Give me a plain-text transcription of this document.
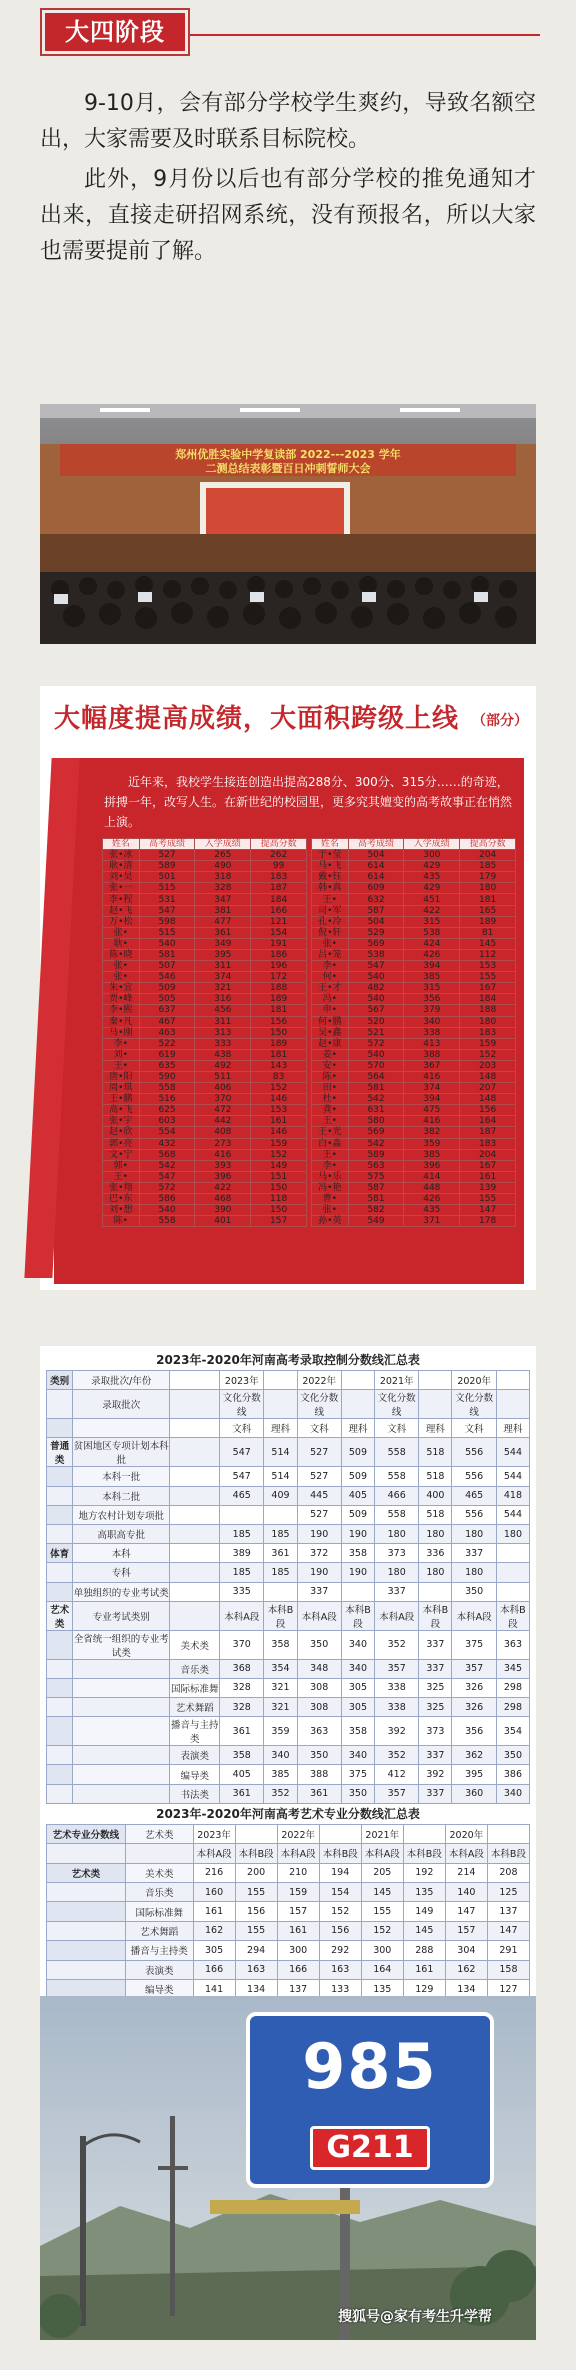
大四阶段

9-10月，会有部分学校学生爽约，导致名额空出，大家需要及时联系目标院校。

此外，9月份以后也有部分学校的推免通知才出来，直接走研招网系统，没有预报名，所以大家也需要提前了解。

郑州优胜实验中学复读部 2022---2023 学年
二测总结表彰暨百日冲刺誓师大会
大幅度提高成绩，大面积跨级上线 （部分）
近年来，我校学生接连创造出提高288分、300分、315分……的奇迹，拼搏一年，改写人生。在新世纪的校园里，更多究其嬗变的高考故事正在悄然上演。
姓名	高考成绩	入学成绩	提高分数
张•冰	527	265	262
耿•清	589	490	99
刘•昊	501	318	183
张•一	515	328	187
李•程	531	347	184
赵•飞	547	381	166
万•松	598	477	121
张•	515	361	154
耿•	540	349	191
陈•晓	581	395	186
张•	507	311	196
张•	546	374	172
朱•宜	509	321	188
贾•峰	505	316	189
李•熙	637	456	181
秦•凡	467	311	156
马•刚	463	313	150
李•	522	333	189
刘•	619	438	181
王•	635	492	143
唐•阳	590	511	83
周•琪	558	406	152
王•鹏	516	370	146
高•飞	625	472	153
张•宇	603	442	161
赵•欣	554	408	146
郭•亮	432	273	159
文•宁	568	416	152
郭•	542	393	149
王•	547	396	151
张•翔	572	422	150
巴•东	586	468	118
刘•想	540	390	150
陈•	558	401	157
姓名	高考成绩	入学成绩	提高分数
于•莹	504	300	204
马•飞	614	429	185
戴•钰	614	435	179
韩•真	609	429	180
王•	632	451	181
司•军	587	422	165
孔•冷	504	315	189
倪•轩	529	538	81
张•	569	424	145
吕•笼	538	426	112
李•	547	394	153
何•	540	385	155
王•才	482	315	167
冯•	540	356	184
申•	567	379	188
何•鹏	520	340	180
吴•鑫	521	338	183
赵•康	572	413	159
姜•	540	388	152
安•	570	367	203
陈•	564	416	148
田•	581	374	207
杜•	542	394	148
龚•	631	475	156
王•	580	416	164
王•光	569	382	187
白•淼	542	359	183
王•	589	385	204
李•	563	396	167
马•乐	575	414	161
冯•艳	587	448	139
曹•	581	426	155
张•	582	435	147
孙•英	549	371	178
2023年-2020年河南高考录取控制分数线汇总表
类别	录取批次/年份		2023年		2022年		2021年		2020年	
	录取批次		文化分数线		文化分数线		文化分数线		文化分数线	
			文科	理科	文科	理科	文科	理科	文科	理科
普通类	贫困地区专项计划本科批		547	514	527	509	558	518	556	544
	本科一批		547	514	527	509	558	518	556	544
	本科二批		465	409	445	405	466	400	465	418
	地方农村计划专项批				527	509	558	518	556	544
	高职高专批		185	185	190	190	180	180	180	180
体育	本科		389	361	372	358	373	336	337	
	专科		185	185	190	190	180	180	180	
	单独组织的专业考试类		335		337		337		350	
艺术类	专业考试类别		本科A段	本科B段	本科A段	本科B段	本科A段	本科B段	本科A段	本科B段
	全省统一组织的专业考试类	美术类	370	358	350	340	352	337	375	363
		音乐类	368	354	348	340	357	337	357	345
		国际标准舞	328	321	308	305	338	325	326	298
		艺术舞蹈	328	321	308	305	338	325	326	298
		播音与主持类	361	359	363	358	392	373	356	354
		表演类	358	340	350	340	352	337	362	350
		编导类	405	385	388	375	412	392	395	386
		书法类	361	352	361	350	357	337	360	340
2023年-2020年河南高考艺术专业分数线汇总表
艺术专业分数线	艺术类	2023年		2022年		2021年		2020年	
		本科A段	本科B段	本科A段	本科B段	本科A段	本科B段	本科A段	本科B段
艺术类	美术类	216	200	210	194	205	192	214	208
	音乐类	160	155	159	154	145	135	140	125
	国际标准舞	161	156	157	152	155	149	147	137
	艺术舞蹈	162	155	161	156	152	145	157	147
	播音与主持类	305	294	300	292	300	288	304	291
	表演类	166	163	166	163	164	161	162	158
	编导类	141	134	137	133	135	129	134	127

985
G211
搜狐号@家有考生升学帮
